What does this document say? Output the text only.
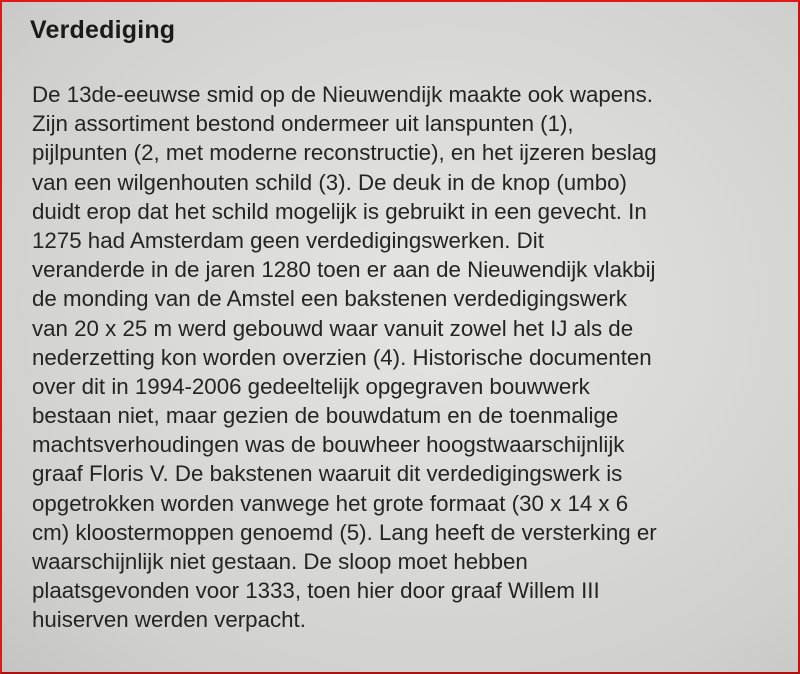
Verdediging
De 13de-eeuwse smid op de Nieuwendijk maakte ook wapens.
Zijn assortiment bestond ondermeer uit lanspunten (1),
pijlpunten (2, met moderne reconstructie), en het ijzeren beslag
van een wilgenhouten schild (3). De deuk in de knop (umbo)
duidt erop dat het schild mogelijk is gebruikt in een gevecht. In
1275 had Amsterdam geen verdedigingswerken. Dit
veranderde in de jaren 1280 toen er aan de Nieuwendijk vlakbij
de monding van de Amstel een bakstenen verdedigingswerk
van 20 x 25 m werd gebouwd waar vanuit zowel het IJ als de
nederzetting kon worden overzien (4). Historische documenten
over dit in 1994-2006 gedeeltelijk opgegraven bouwwerk
bestaan niet, maar gezien de bouwdatum en de toenmalige
machtsverhoudingen was de bouwheer hoogstwaarschijnlijk
graaf Floris V. De bakstenen waaruit dit verdedigingswerk is
opgetrokken worden vanwege het grote formaat (30 x 14 x 6
cm) kloostermoppen genoemd (5). Lang heeft de versterking er
waarschijnlijk niet gestaan. De sloop moet hebben
plaatsgevonden voor 1333, toen hier door graaf Willem III
huiserven werden verpacht.
